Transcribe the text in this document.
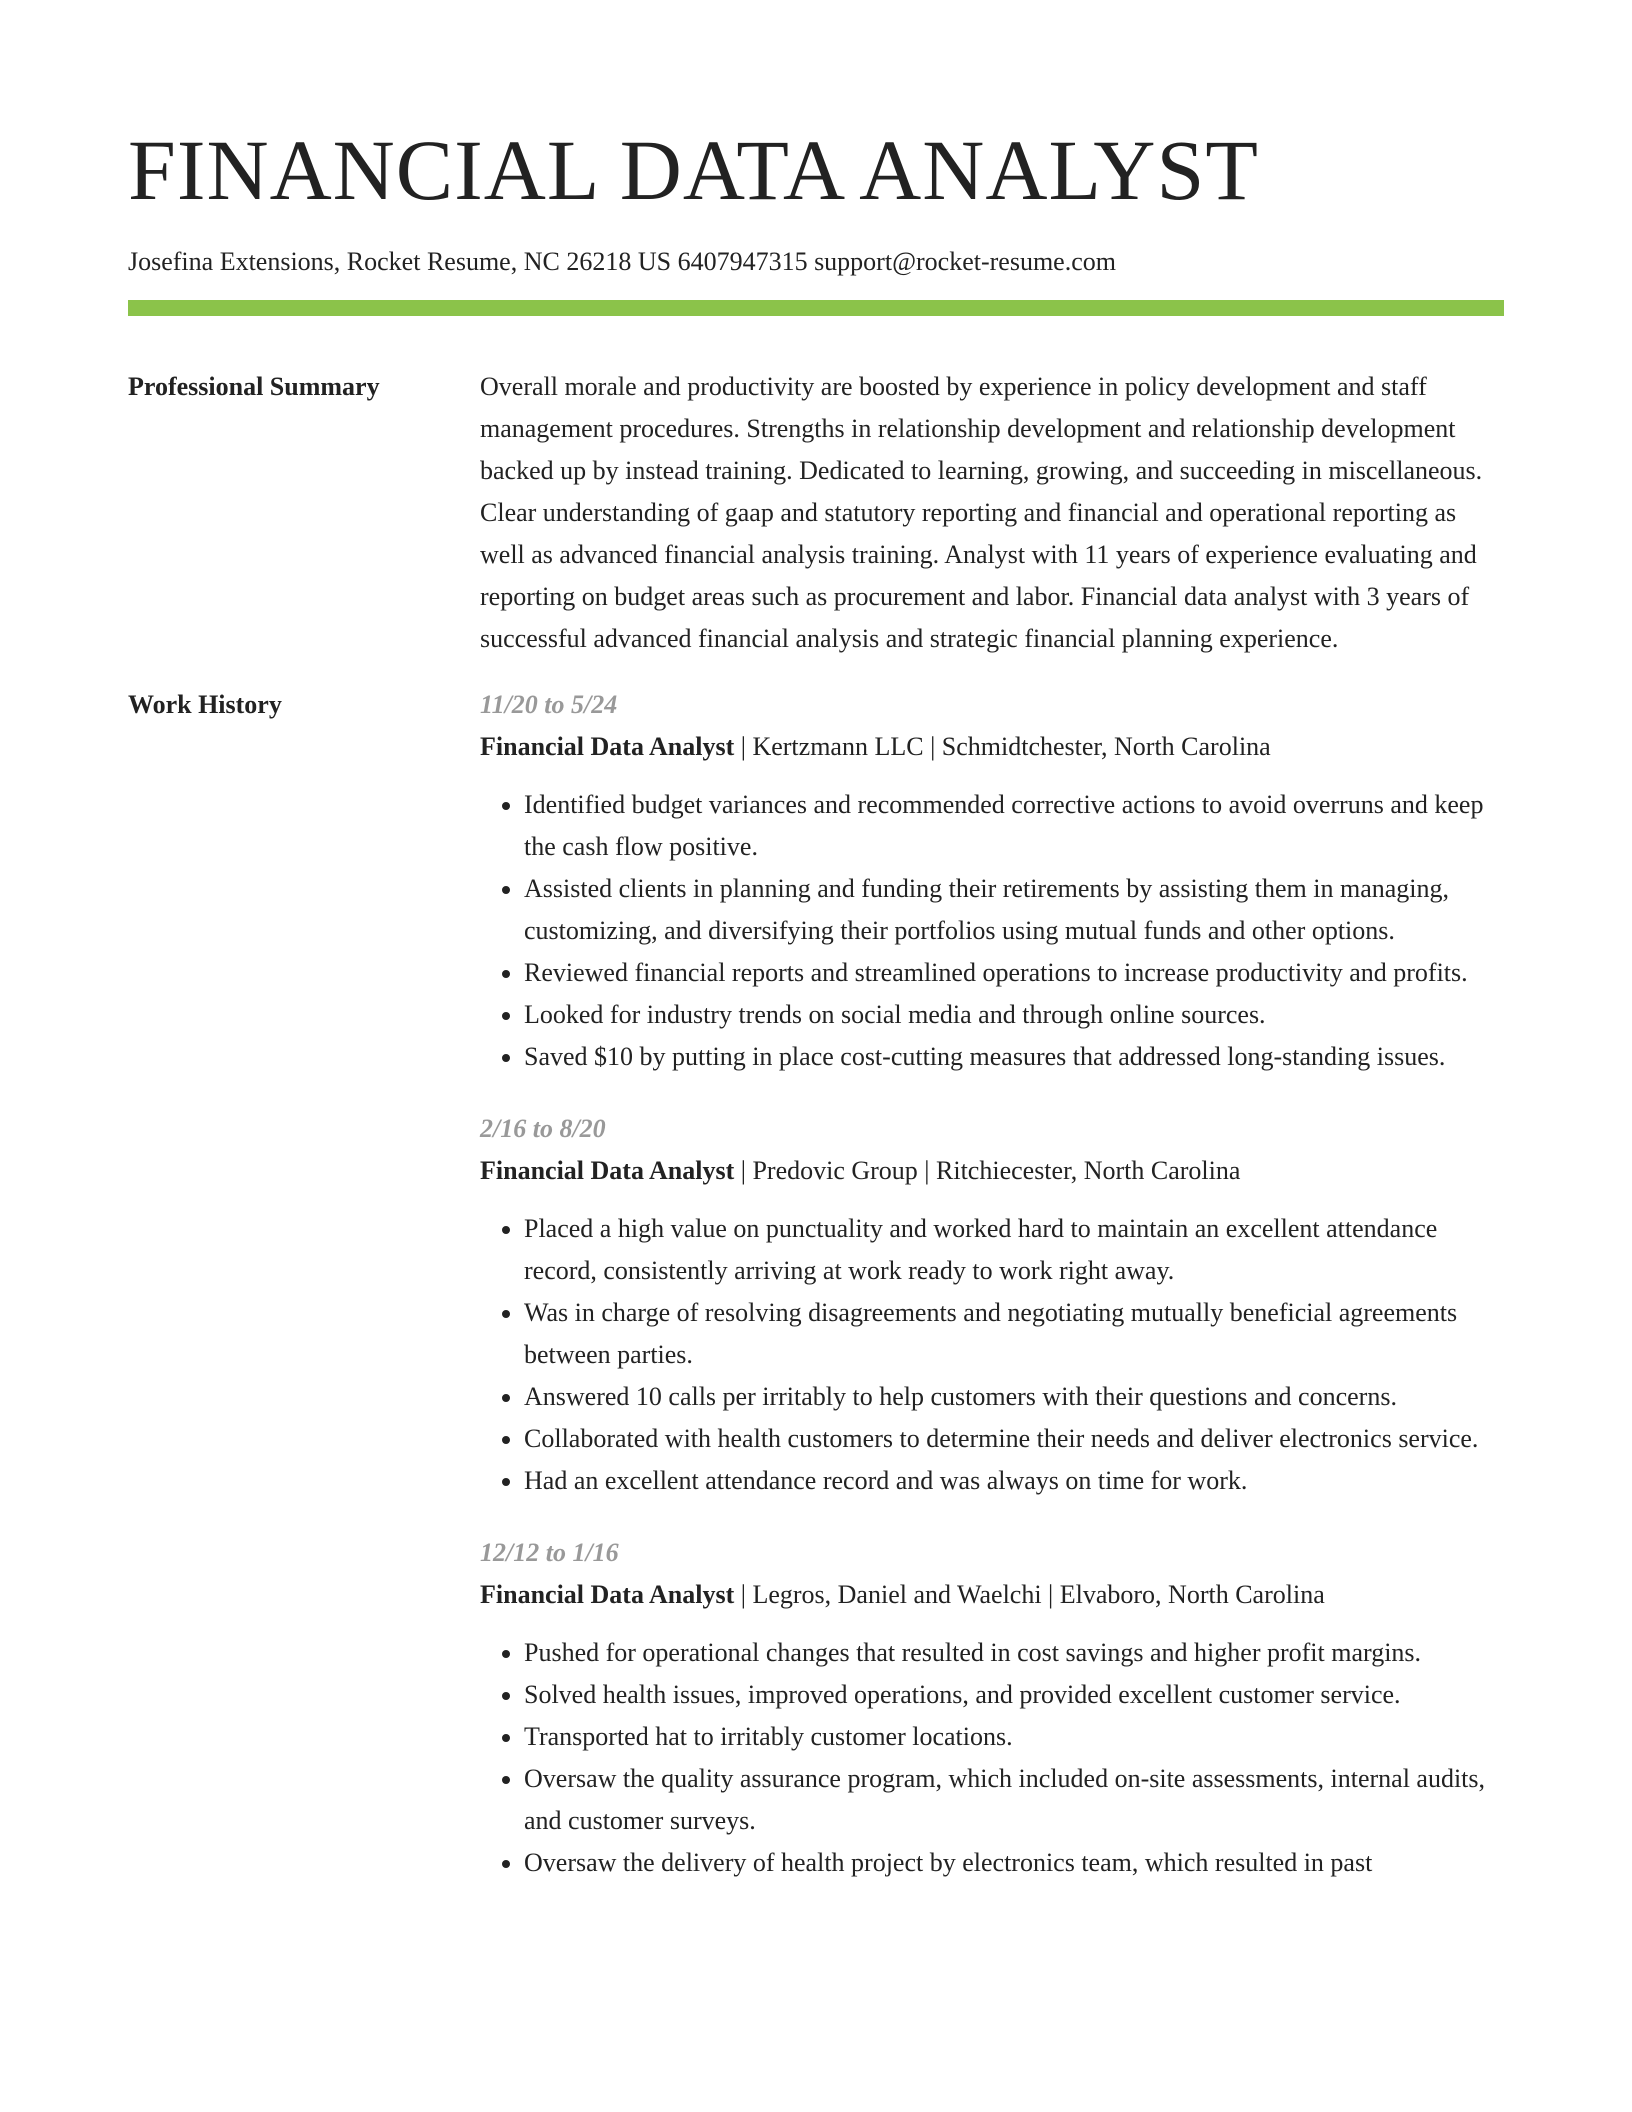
FINANCIAL DATA ANALYST
Josefina Extensions, Rocket Resume, NC 26218 US 6407947315 support@rocket-resume.com
Professional Summary	Overall morale and productivity are boosted by experience in policy development and staff management procedures. Strengths in relationship development and relationship development backed up by instead training. Dedicated to learning, growing, and succeeding in miscellaneous. Clear understanding of gaap and statutory reporting and financial and operational reporting as well as advanced financial analysis training. Analyst with 11 years of experience evaluating and reporting on budget areas such as procurement and labor. Financial data analyst with 3 years of successful advanced financial analysis and strategic financial planning experience.

Work History	11/20 to 5/24
Financial Data Analyst | Kertzmann LLC | Schmidtchester, North Carolina
• Identified budget variances and recommended corrective actions to avoid overruns and keep the cash flow positive.
• Assisted clients in planning and funding their retirements by assisting them in managing, customizing, and diversifying their portfolios using mutual funds and other options.
• Reviewed financial reports and streamlined operations to increase productivity and profits.
• Looked for industry trends on social media and through online sources.
• Saved $10 by putting in place cost-cutting measures that addressed long-standing issues.
2/16 to 8/20
Financial Data Analyst | Predovic Group | Ritchiecester, North Carolina
• Placed a high value on punctuality and worked hard to maintain an excellent attendance record, consistently arriving at work ready to work right away.
• Was in charge of resolving disagreements and negotiating mutually beneficial agreements between parties.
• Answered 10 calls per irritably to help customers with their questions and concerns.
• Collaborated with health customers to determine their needs and deliver electronics service.
• Had an excellent attendance record and was always on time for work.
12/12 to 1/16
Financial Data Analyst | Legros, Daniel and Waelchi | Elvaboro, North Carolina
• Pushed for operational changes that resulted in cost savings and higher profit margins.
• Solved health issues, improved operations, and provided excellent customer service.
• Transported hat to irritably customer locations.
• Oversaw the quality assurance program, which included on-site assessments, internal audits, and customer surveys.
• Oversaw the delivery of health project by electronics team, which resulted in past
